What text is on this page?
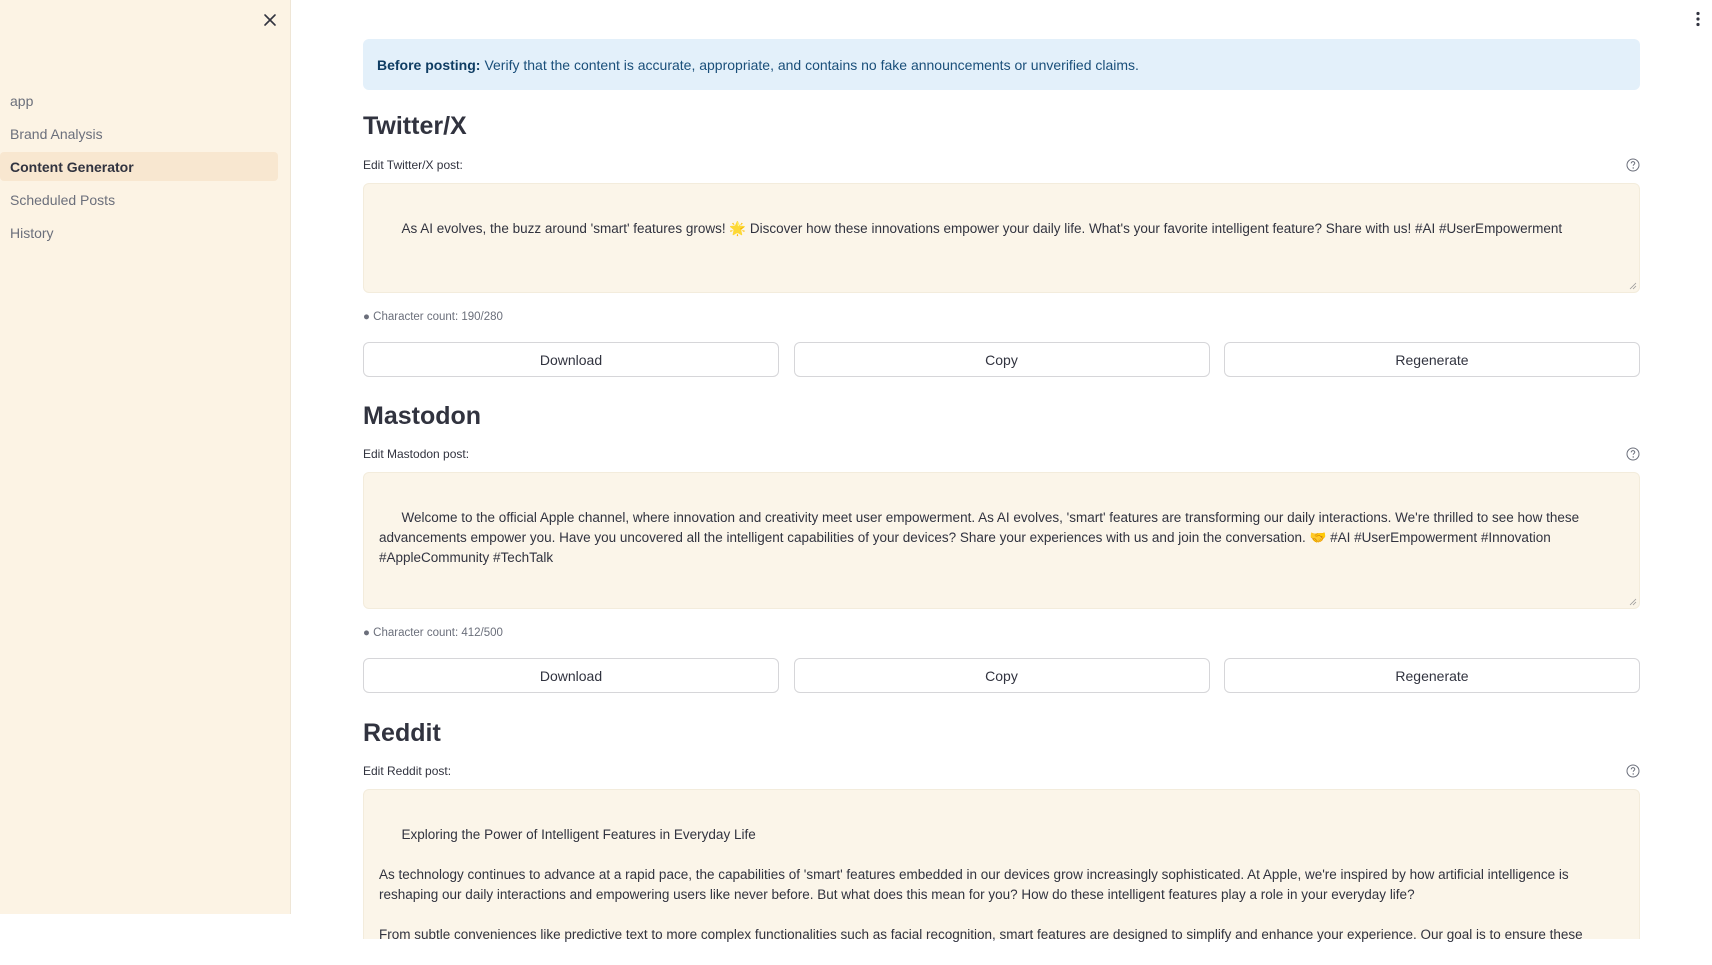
app
Brand Analysis
Content Generator
Scheduled Posts
History
Before posting: Verify that the content is accurate, appropriate, and contains no fake announcements or unverified claims.
Twitter/X
Edit Twitter/X post:

As AI evolves, the buzz around 'smart' features grows! 🌟 Discover how these innovations empower your daily life. What's your favorite intelligent feature? Share with us! #AI #UserEmpowerment

● Character count: 190/280
Download	Copy	Regenerate
Mastodon
Edit Mastodon post:

Welcome to the official Apple channel, where innovation and creativity meet user empowerment. As AI evolves, 'smart' features are transforming our daily interactions. We're thrilled to see how these advancements empower you. Have you uncovered all the intelligent capabilities of your devices? Share your experiences with us and join the conversation. 🤝 #AI #UserEmpowerment #Innovation #AppleCommunity #TechTalk

● Character count: 412/500
Download	Copy	Regenerate
Reddit
Edit Reddit post:

Exploring the Power of Intelligent Features in Everyday Life

As technology continues to advance at a rapid pace, the capabilities of 'smart' features embedded in our devices grow increasingly sophisticated. At Apple, we're inspired by how artificial intelligence is reshaping our daily interactions and empowering users like never before. But what does this mean for you? How do these intelligent features play a role in your everyday life?

From subtle conveniences like predictive text to more complex functionalities such as facial recognition, smart features are designed to simplify and enhance your experience. Our goal is to ensure these
